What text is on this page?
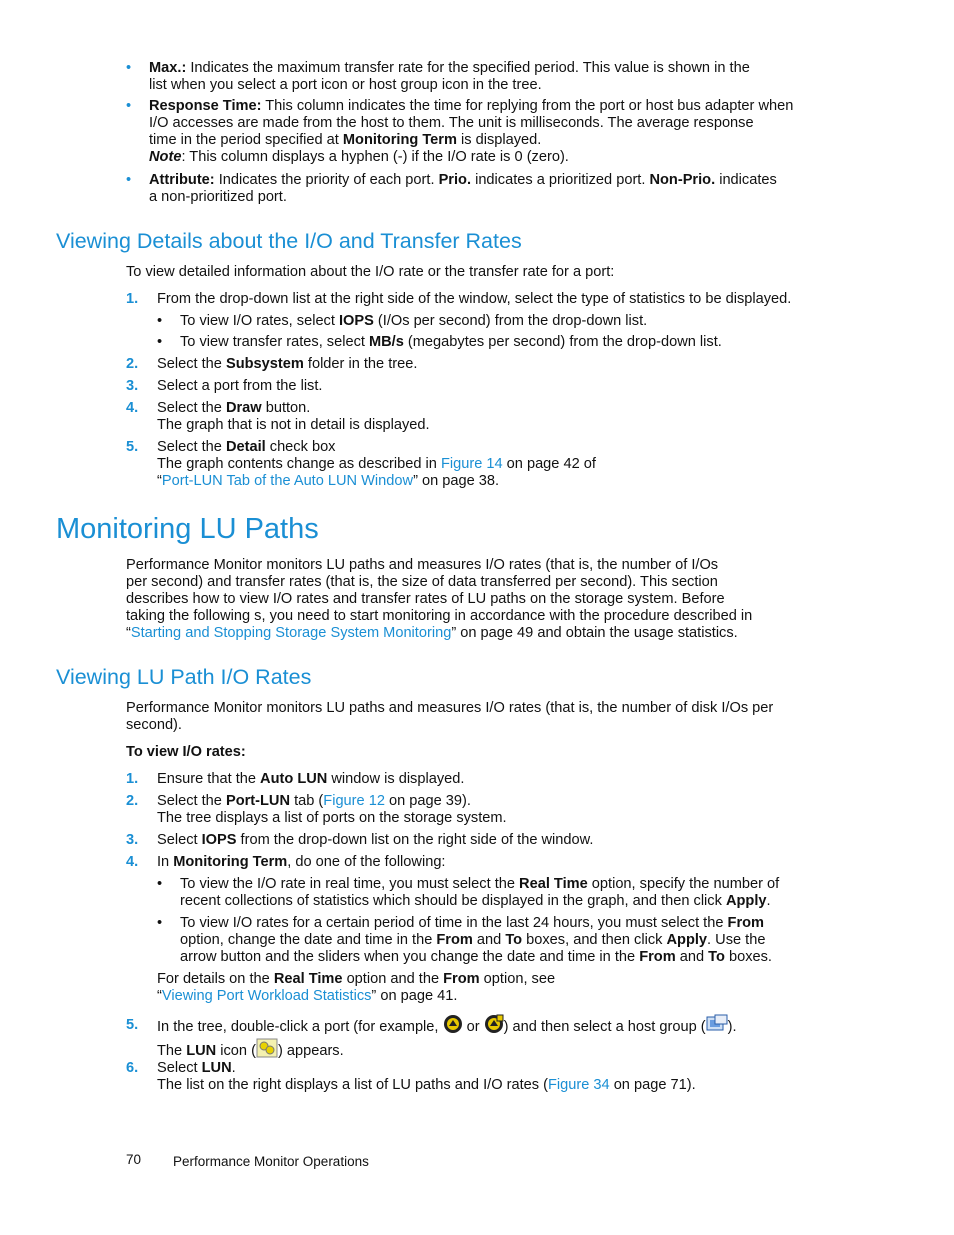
• Max.: Indicates the maximum transfer rate for the specified period. This value is shown in the
list when you select a port icon or host group icon in the tree.
• Response Time: This column indicates the time for replying from the port or host bus adapter when
I/O accesses are made from the host to them. The unit is milliseconds. The average response
time in the period specified at Monitoring Term is displayed.
Note: This column displays a hyphen (-) if the I/O rate is 0 (zero).
• Attribute: Indicates the priority of each port. Prio. indicates a prioritized port. Non-Prio. indicates
a non-prioritized port.
Viewing Details about the I/O and Transfer Rates
To view detailed information about the I/O rate or the transfer rate for a port:
1. From the drop-down list at the right side of the window, select the type of statistics to be displayed.
• To view I/O rates, select IOPS (I/Os per second) from the drop-down list.
• To view transfer rates, select MB/s (megabytes per second) from the drop-down list.
2. Select the Subsystem folder in the tree.
3. Select a port from the list.
4. Select the Draw button.
The graph that is not in detail is displayed.
5. Select the Detail check box
The graph contents change as described in Figure 14 on page 42 of
“Port-LUN Tab of the Auto LUN Window” on page 38.
Monitoring LU Paths
Performance Monitor monitors LU paths and measures I/O rates (that is, the number of I/Os
per second) and transfer rates (that is, the size of data transferred per second). This section
describes how to view I/O rates and transfer rates of LU paths on the storage system. Before
taking the following s, you need to start monitoring in accordance with the procedure described in
“Starting and Stopping Storage System Monitoring” on page 49 and obtain the usage statistics.
Viewing LU Path I/O Rates
Performance Monitor monitors LU paths and measures I/O rates (that is, the number of disk I/Os per
second).
To view I/O rates:
1. Ensure that the Auto LUN window is displayed.
2. Select the Port-LUN tab (Figure 12 on page 39).
The tree displays a list of ports on the storage system.
3. Select IOPS from the drop-down list on the right side of the window.
4. In Monitoring Term, do one of the following:
• To view the I/O rate in real time, you must select the Real Time option, specify the number of
recent collections of statistics which should be displayed in the graph, and then click Apply.
• To view I/O rates for a certain period of time in the last 24 hours, you must select the From
option, change the date and time in the From and To boxes, and then click Apply. Use the
arrow button and the sliders when you change the date and time in the From and To boxes.
For details on the Real Time option and the From option, see
“Viewing Port Workload Statistics” on page 41.
5. In the tree, double-click a port (for example,  or ) and then select a host group ( ).
The LUN icon ( ) appears.
6. Select LUN.
The list on the right displays a list of LU paths and I/O rates (Figure 34 on page 71).
70 Performance Monitor Operations
